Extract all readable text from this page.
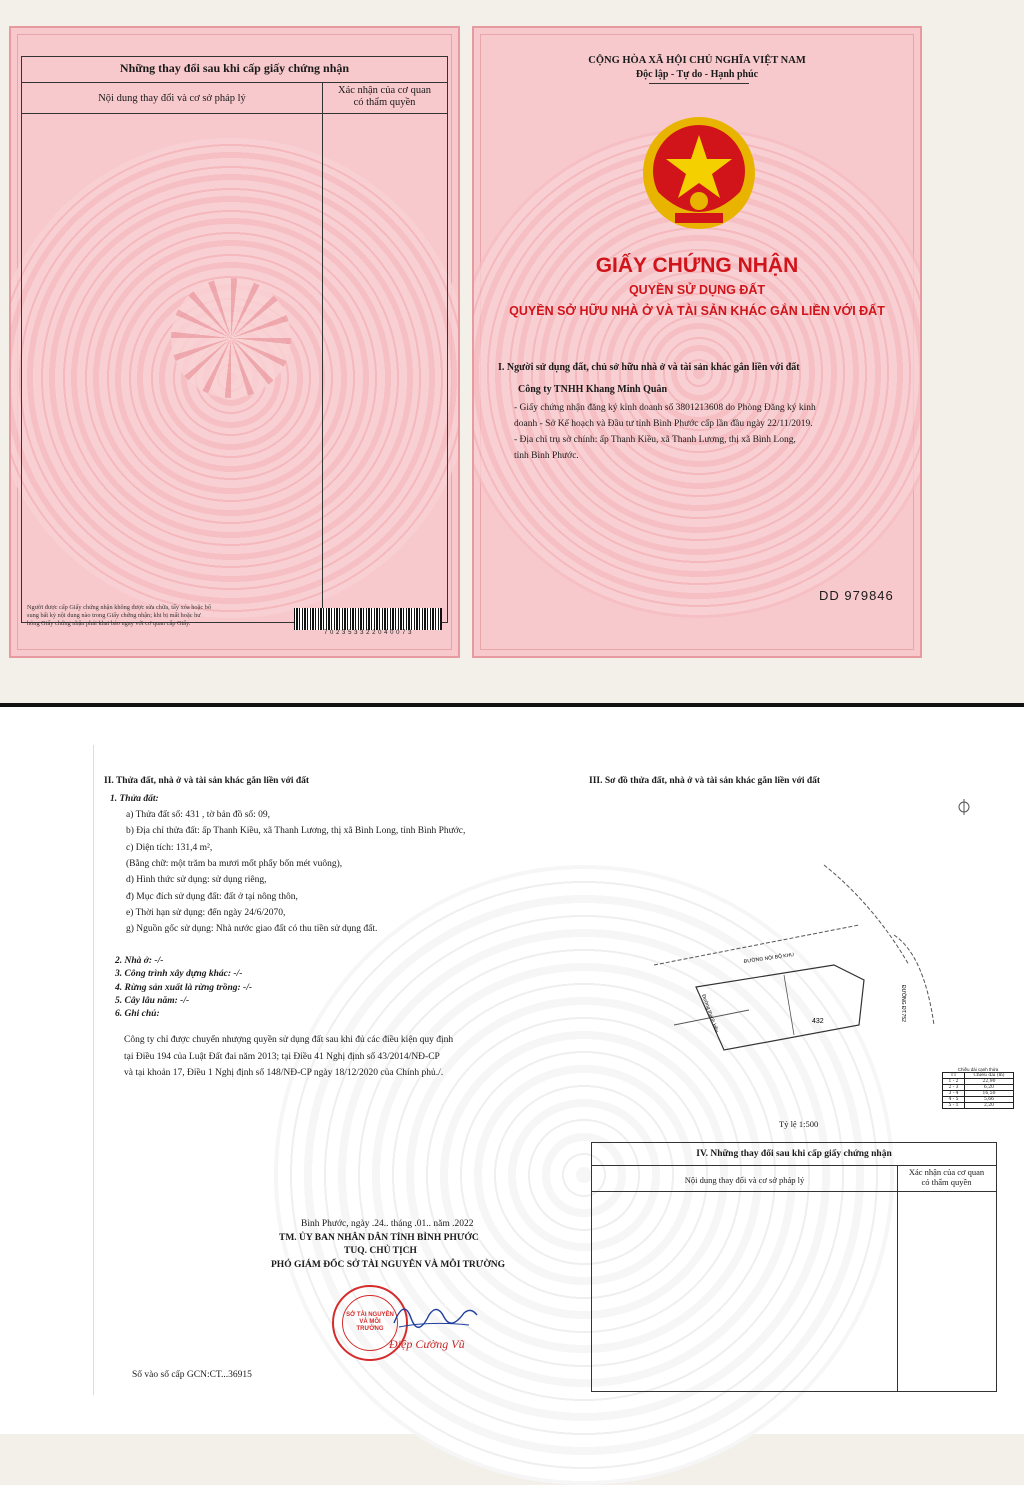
Những thay đổi sau khi cấp giấy chứng nhận
Nội dung thay đổi và cơ sở pháp lý
Xác nhận của cơ quan
có thẩm quyền
Người được cấp Giấy chứng nhận không được sửa chữa, tẩy xóa hoặc bổ
sung bất kỳ nội dung nào trong Giấy chứng nhận; khi bị mất hoặc hư
hỏng Giấy chứng nhận phải khai báo ngay với cơ quan cấp Giấy.
7 0 2 3 5 3 3 2 2 0 4 0 0 7 3
CỘNG HÒA XÃ HỘI CHỦ NGHĨA VIỆT NAM
Độc lập - Tự do - Hạnh phúc
GIẤY CHỨNG NHẬN
QUYỀN SỬ DỤNG ĐẤT
QUYỀN SỞ HỮU NHÀ Ở VÀ TÀI SẢN KHÁC GẮN LIỀN VỚI ĐẤT
I. Người sử dụng đất, chủ sở hữu nhà ở và tài sản khác gắn liền với đất
Công ty TNHH Khang Minh Quân
- Giấy chứng nhận đăng ký kinh doanh số 3801213608 do Phòng Đăng ký kinh
doanh - Sở Kế hoạch và Đầu tư tỉnh Bình Phước cấp lần đầu ngày 22/11/2019.
- Địa chỉ trụ sở chính: ấp Thanh Kiều, xã Thanh Lương, thị xã Bình Long,
tỉnh Bình Phước.
DD 979846
II. Thửa đất, nhà ở và tài sản khác gắn liền với đất
1. Thửa đất:
a) Thửa đất số: 431 , tờ bản đồ số: 09,
b) Địa chỉ thửa đất: ấp Thanh Kiều, xã Thanh Lương, thị xã Bình Long, tỉnh Bình Phước,
c) Diện tích: 131,4 m²,
(Bằng chữ: một trăm ba mươi mốt phẩy bốn mét vuông),
d) Hình thức sử dụng: sử dụng riêng,
đ) Mục đích sử dụng đất: đất ở tại nông thôn,
e) Thời hạn sử dụng: đến ngày 24/6/2070,
g) Nguồn gốc sử dụng: Nhà nước giao đất có thu tiền sử dụng đất.
2. Nhà ở: -/-
3. Công trình xây dựng khác: -/-
4. Rừng sản xuất là rừng trồng: -/-
5. Cây lâu năm: -/-
6. Ghi chú:
Công ty chỉ được chuyển nhượng quyền sử dụng đất sau khi đủ các điều kiện quy định
tại Điều 194 của Luật Đất đai năm 2013; tại Điều 41 Nghị định số 43/2014/NĐ-CP
và tại khoản 17, Điều 1 Nghị định số 148/NĐ-CP ngày 18/12/2020 của Chính phủ./.
III. Sơ đồ thửa đất, nhà ở và tài sản khác gắn liền với đất
ĐƯỜNG NỘI BỘ KHU
ĐƯỜNG ĐT.752
Đường thanh kiều	432
Tỷ lệ 1:500
Chiều dài cạnh thửa
TT	Chiều dài (m)
1 - 2	22,90
2 - 3	6,20
3 - 4	16,50
4 - 5	5,66
5 - 1	2,20
IV. Những thay đổi sau khi cấp giấy chứng nhận
Nội dung thay đổi và cơ sở pháp lý
Xác nhận của cơ quan
có thẩm quyền
Bình Phước, ngày .24.. tháng .01.. năm .2022
TM. ỦY BAN NHÂN DÂN TỈNH BÌNH PHƯỚC
TUQ. CHỦ TỊCH
PHÓ GIÁM ĐỐC SỞ TÀI NGUYÊN VÀ MÔI TRƯỜNG
SỞ TÀI NGUYÊN VÀ MÔI TRƯỜNG
Điệp Cường Vũ
Số vào sổ cấp GCN:CT...36915
